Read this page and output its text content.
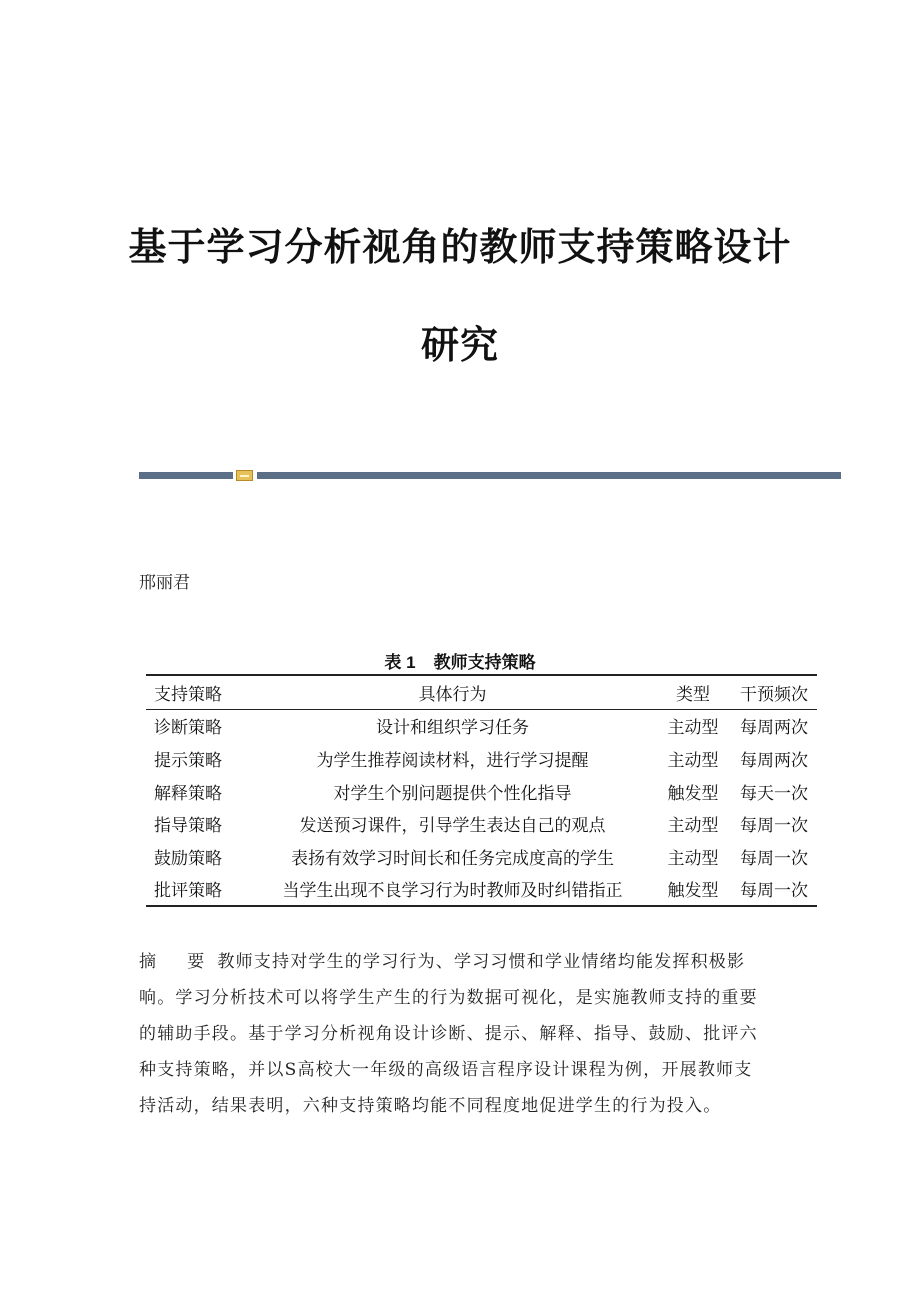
基于学习分析视角的教师支持策略设计
研究
邢丽君
表 1 教师支持策略
支持策略	具体行为	类型	干预频次
诊断策略	设计和组织学习任务	主动型	每周两次
提示策略	为学生推荐阅读材料，进行学习提醒	主动型	每周两次
解释策略	对学生个别问题提供个性化指导	触发型	每天一次
指导策略	发送预习课件，引导学生表达自己的观点	主动型	每周一次
鼓励策略	表扬有效学习时间长和任务完成度高的学生	主动型	每周一次
批评策略	当学生出现不良学习行为时教师及时纠错指正	触发型	每周一次

摘 要 教师支持对学生的学习行为、学习习惯和学业情绪均能发挥积极影

响。学习分析技术可以将学生产生的行为数据可视化，是实施教师支持的重要

的辅助手段。基于学习分析视角设计诊断、提示、解释、指导、鼓励、批评六

种支持策略，并以S高校大一年级的高级语言程序设计课程为例，开展教师支

持活动，结果表明，六种支持策略均能不同程度地促进学生的行为投入。
